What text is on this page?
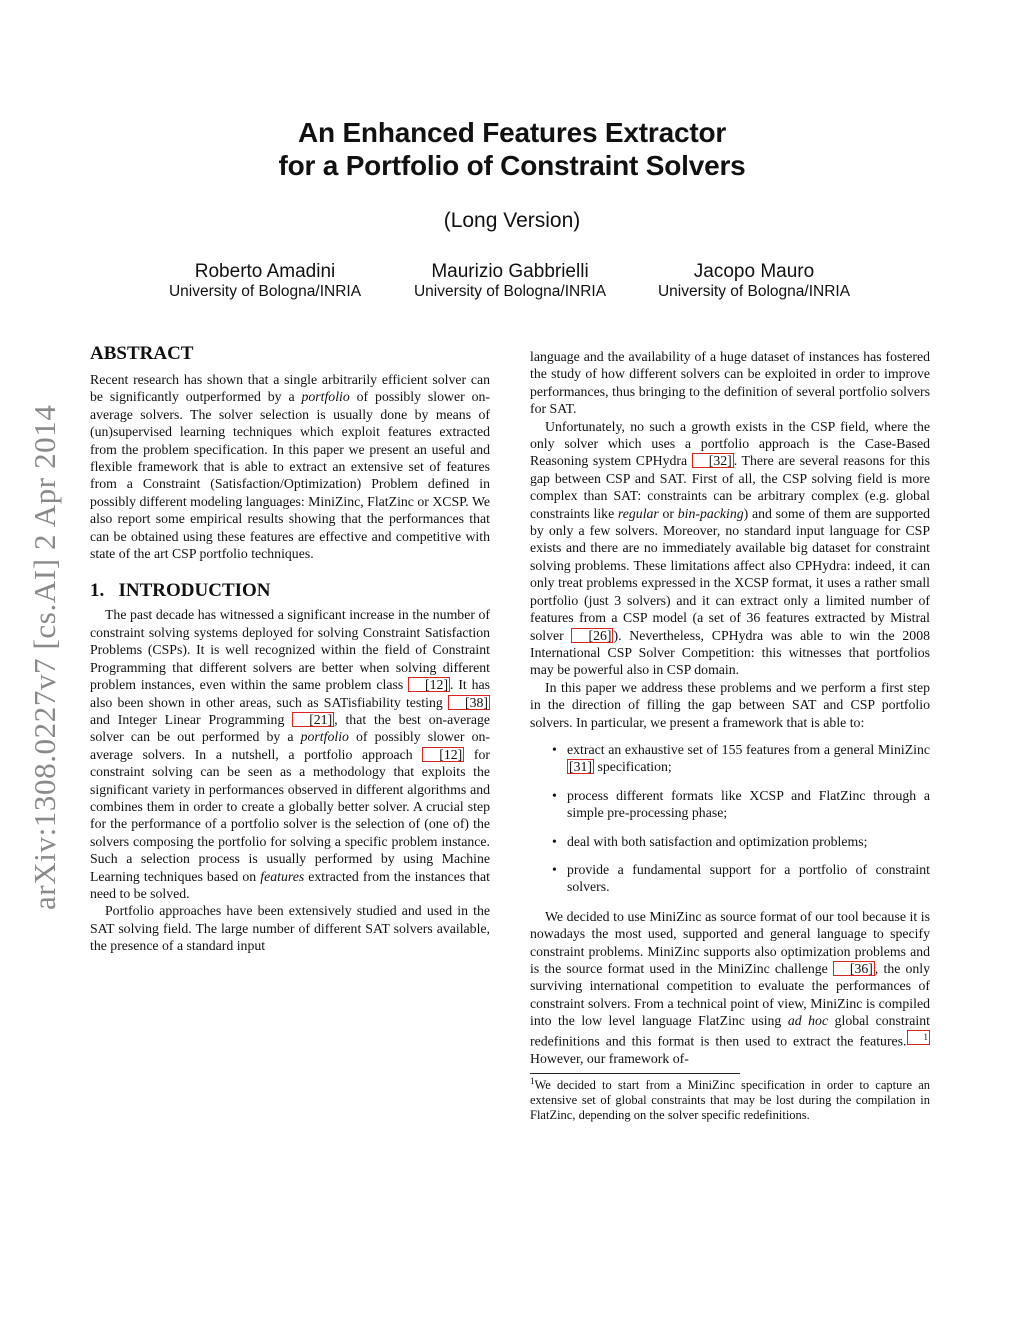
An Enhanced Features Extractor
for a Portfolio of Constraint Solvers
(Long Version)
Roberto Amadini
University of Bologna/INRIA
Maurizio Gabbrielli
University of Bologna/INRIA
Jacopo Mauro
University of Bologna/INRIA
arXiv:1308.0227v7 [cs.AI] 2 Apr 2014
ABSTRACT

Recent research has shown that a single arbitrarily efficient solver can be significantly outperformed by a portfolio of possibly slower on-average solvers. The solver selection is usually done by means of (un)supervised learning techniques which exploit features extracted from the problem specification. In this paper we present an useful and flexible framework that is able to extract an extensive set of features from a Constraint (Satisfaction/Optimization) Problem defined in possibly different modeling languages: MiniZinc, FlatZinc or XCSP. We also report some empirical results showing that the performances that can be obtained using these features are effective and competitive with state of the art CSP portfolio techniques.

1.   INTRODUCTION

The past decade has witnessed a significant increase in the number of constraint solving systems deployed for solving Constraint Satisfaction Problems (CSPs). It is well recognized within the field of Constraint Programming that different solvers are better when solving different problem instances, even within the same problem class [12] . It has also been shown in other areas, such as SATisfiability testing [38] and Integer Linear Programming [21] , that the best on-average solver can be out performed by a portfolio of possibly slower on-average solvers. In a nutshell, a portfolio approach [12] for constraint solving can be seen as a methodology that exploits the significant variety in performances observed in different algorithms and combines them in order to create a globally better solver. A crucial step for the performance of a portfolio solver is the selection of (one of) the solvers composing the portfolio for solving a specific problem instance. Such a selection process is usually performed by using Machine Learning techniques based on features extracted from the instances that need to be solved.

Portfolio approaches have been extensively studied and used in the SAT solving field. The large number of different SAT solvers available, the presence of a standard input

language and the availability of a huge dataset of instances has fostered the study of how different solvers can be exploited in order to improve performances, thus bringing to the definition of several portfolio solvers for SAT.

Unfortunately, no such a growth exists in the CSP field, where the only solver which uses a portfolio approach is the Case-Based Reasoning system CPHydra [32] . There are several reasons for this gap between CSP and SAT. First of all, the CSP solving field is more complex than SAT: constraints can be arbitrary complex (e.g. global constraints like regular or bin-packing) and some of them are supported by only a few solvers. Moreover, no standard input language for CSP exists and there are no immediately available big dataset for constraint solving problems. These limitations affect also CPHydra: indeed, it can only treat problems expressed in the XCSP format, it uses a rather small portfolio (just 3 solvers) and it can extract only a limited number of features from a CSP model (a set of 36 features extracted by Mistral solver [26] ). Nevertheless, CPHydra was able to win the 2008 International CSP Solver Competition: this witnesses that portfolios may be powerful also in CSP domain.

In this paper we address these problems and we perform a first step in the direction of filling the gap between SAT and CSP portfolio solvers. In particular, we present a framework that is able to:

• extract an exhaustive set of 155 features from a general MiniZinc [31] specification;
• process different formats like XCSP and FlatZinc through a simple pre-processing phase;
• deal with both satisfaction and optimization problems;
• provide a fundamental support for a portfolio of constraint solvers.

We decided to use MiniZinc as source format of our tool because it is nowadays the most used, supported and general language to specify constraint problems. MiniZinc supports also optimization problems and is the source format used in the MiniZinc challenge [36] , the only surviving international competition to evaluate the performances of constraint solvers. From a technical point of view, MiniZinc is compiled into the low level language FlatZinc using ad hoc global constraint redefinitions and this format is then used to extract the features. $^1$ However, our framework of-

$^1$We decided to start from a MiniZinc specification in order to capture an extensive set of global constraints that may be lost during the compilation in FlatZinc, depending on the solver specific redefinitions.
